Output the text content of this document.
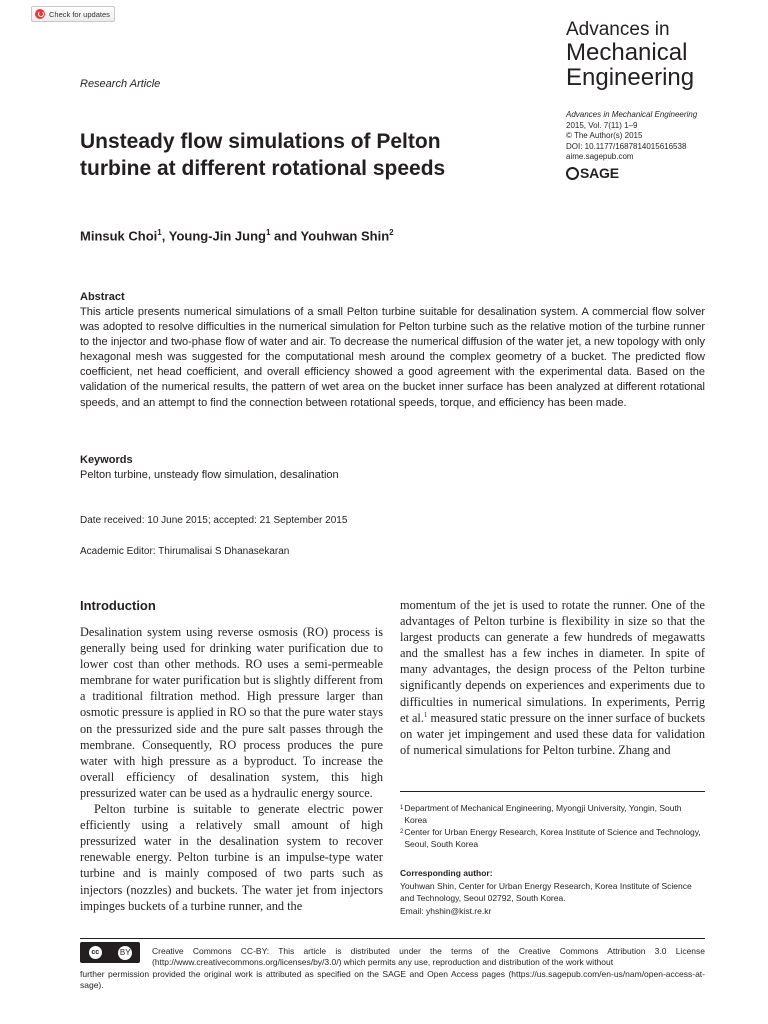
Check for updates
Advances in
Mechanical
Engineering
Research Article
Advances in Mechanical Engineering
2015, Vol. 7(11) 1–9
© The Author(s) 2015
DOI: 10.1177/1687814015616538
aime.sagepub.com
SAGE
Unsteady flow simulations of Pelton turbine at different rotational speeds
Minsuk Choi$^1$, Young-Jin Jung$^1$ and Youhwan Shin$^2$
Abstract
This article presents numerical simulations of a small Pelton turbine suitable for desalination system. A commercial flow solver was adopted to resolve difficulties in the numerical simulation for Pelton turbine such as the relative motion of the turbine runner to the injector and two-phase flow of water and air. To decrease the numerical diffusion of the water jet, a new topology with only hexagonal mesh was suggested for the computational mesh around the complex geometry of a bucket. The predicted flow coefficient, net head coefficient, and overall efficiency showed a good agreement with the experimental data. Based on the validation of the numerical results, the pattern of wet area on the bucket inner surface has been analyzed at different rotational speeds, and an attempt to find the connection between rotational speeds, torque, and efficiency has been made.
Keywords
Pelton turbine, unsteady flow simulation, desalination
Date received: 10 June 2015; accepted: 21 September 2015
Academic Editor: Thirumalisai S Dhanasekaran
Introduction

Desalination system using reverse osmosis (RO) process is generally being used for drinking water purification due to lower cost than other methods. RO uses a semi-permeable membrane for water purification but is slightly different from a traditional filtration method. High pressure larger than osmotic pressure is applied in RO so that the pure water stays on the pressurized side and the pure salt passes through the membrane. Consequently, RO process produces the pure water with high pressure as a byproduct. To increase the overall efficiency of desalination system, this high pressurized water can be used as a hydraulic energy source.

Pelton turbine is suitable to generate electric power efficiently using a relatively small amount of high pressurized water in the desalination system to recover renewable energy. Pelton turbine is an impulse-type water turbine and is mainly composed of two parts such as injectors (nozzles) and buckets. The water jet from injectors impinges buckets of a turbine runner, and the

momentum of the jet is used to rotate the runner. One of the advantages of Pelton turbine is flexibility in size so that the largest products can generate a few hundreds of megawatts and the smallest has a few inches in diameter. In spite of many advantages, the design process of the Pelton turbine significantly depends on experiences and experiments due to difficulties in numerical simulations. In experiments, Perrig et al.$^1$ measured static pressure on the inner surface of buckets on water jet impingement and used these data for validation of numerical simulations for Pelton turbine. Zhang and

1 Department of Mechanical Engineering, Myongji University, Yongin, South Korea
2 Center for Urban Energy Research, Korea Institute of Science and Technology, Seoul, South Korea
Corresponding author:
Youhwan Shin, Center for Urban Energy Research, Korea Institute of Science and Technology, Seoul 02792, South Korea.
Email: yhshin@kist.re.kr
Creative Commons CC-BY: This article is distributed under the terms of the Creative Commons Attribution 3.0 License (http://www.creativecommons.org/licenses/by/3.0/) which permits any use, reproduction and distribution of the work without
further permission provided the original work is attributed as specified on the SAGE and Open Access pages (https://us.sagepub.com/en-us/nam/open-access-at-sage).
cc	BY
